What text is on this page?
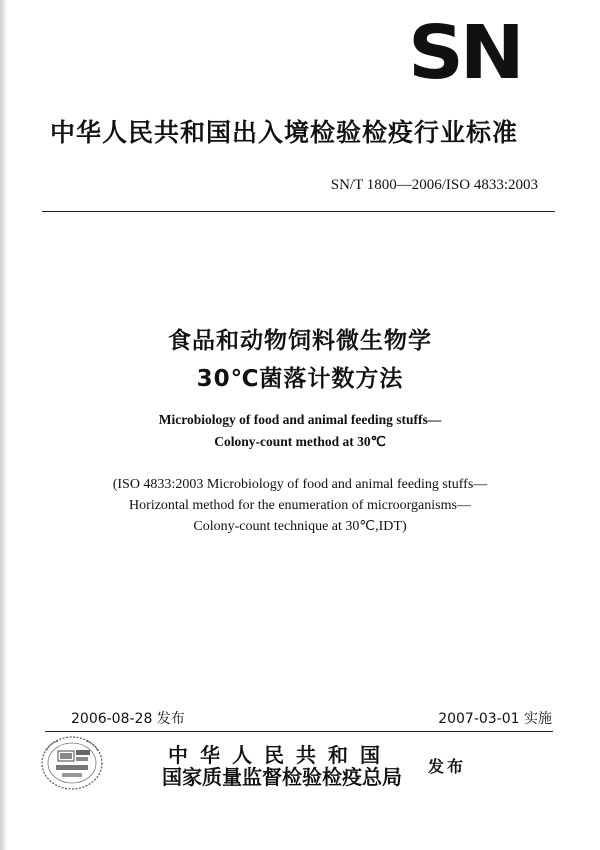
SN
中华人民共和国出入境检验检疫行业标准
SN/T 1800—2006/ISO 4833:2003
食品和动物饲料微生物学
30℃菌落计数方法
Microbiology of food and animal feeding stuffs—
Colony-count method at 30℃
(ISO 4833:2003 Microbiology of food and animal feeding stuffs—
Horizontal method for the enumeration of microorganisms—
Colony-count technique at 30℃,IDT)
2006-08-28 发布	2007-03-01 实施
中华人民共和国
国家质量监督检验检疫总局 发布
